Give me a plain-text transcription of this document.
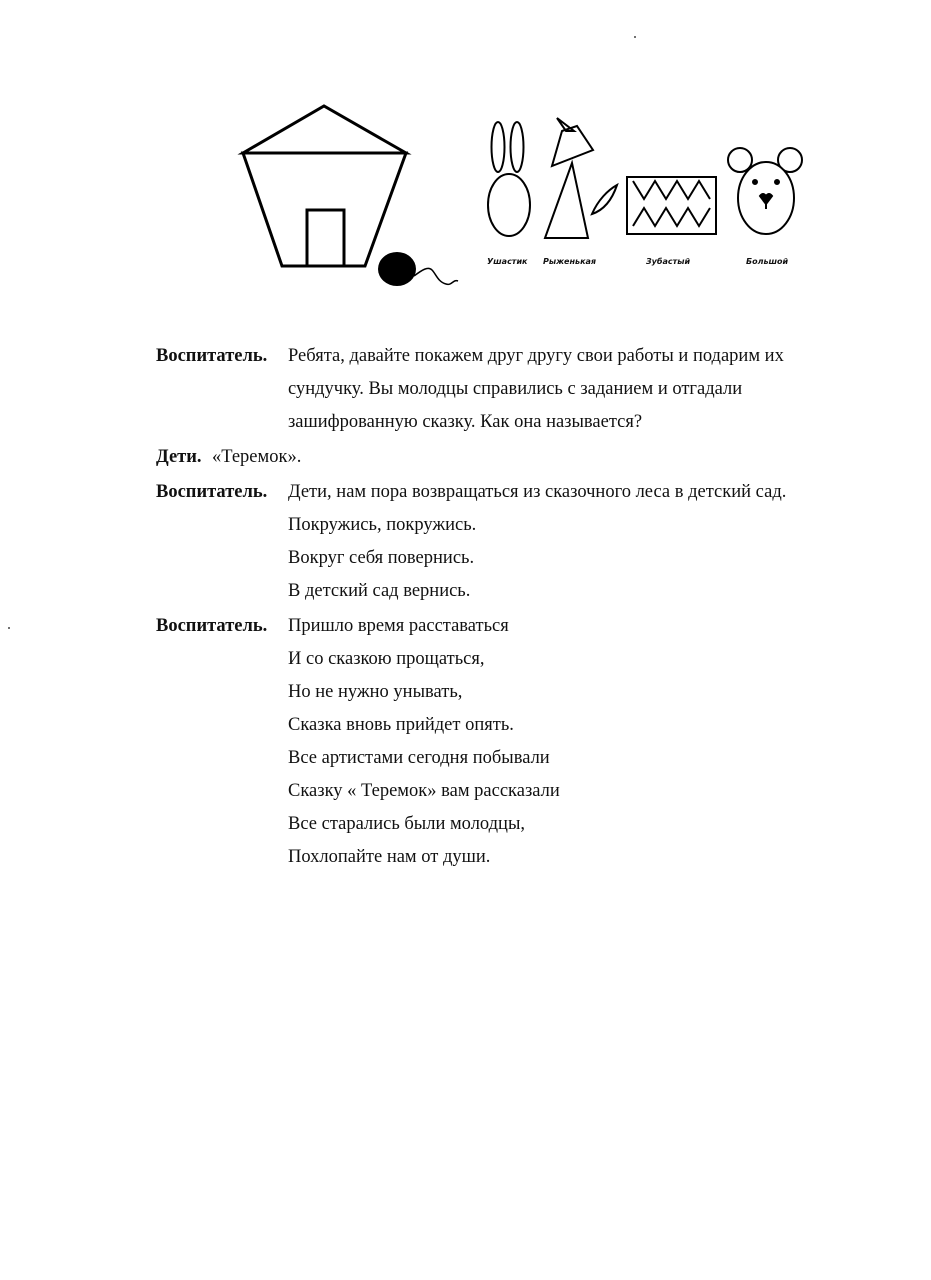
Ушастик Рыженькая	Зубастый	Большой
Воспитатель. Ребята, давайте покажем друг другу свои работы и подарим их
сундучку. Вы молодцы справились с заданием и отгадали
зашифрованную сказку. Как она называется?
Дети. «Теремок».
Воспитатель. Дети, нам пора возвращаться из сказочного леса в детский сад.
Покружись, покружись.
Вокруг себя повернись.
В детский сад вернись.
Воспитатель. Пришло время расставаться
И со сказкою прощаться,
Но не нужно унывать,
Сказка вновь прийдет опять.
Все артистами сегодня побывали
Сказку « Теремок» вам рассказали
Все старались были молодцы,
Похлопайте нам от души.
